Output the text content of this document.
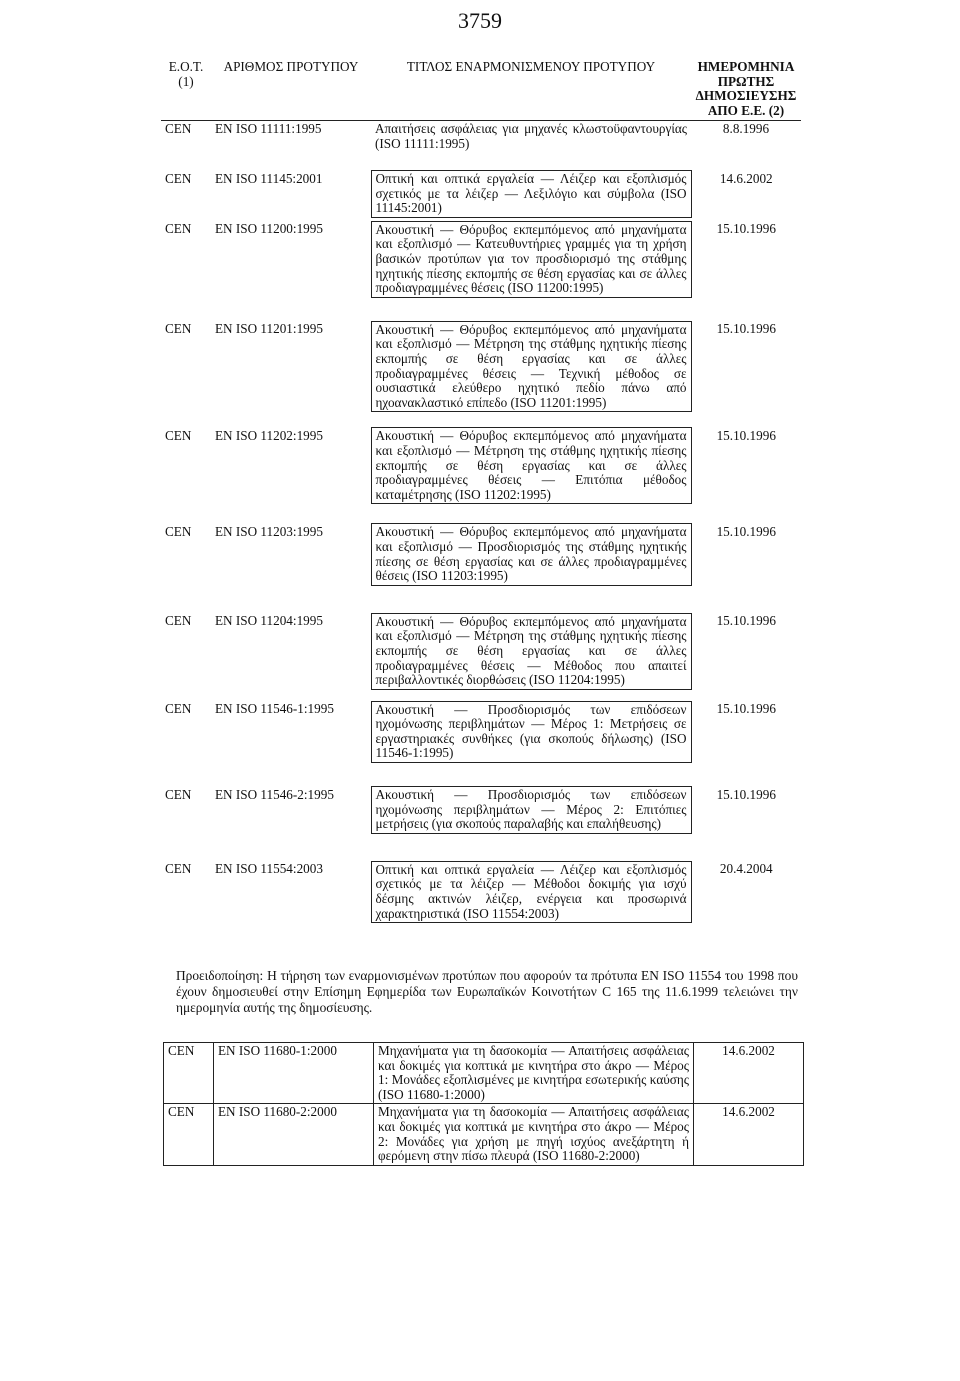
3759
Ε.Ο.Τ. (1)	ΑΡΙΘΜΟΣ ΠΡΟΤΥΠΟΥ	ΤΙΤΛΟΣ ΕΝΑΡΜΟΝΙΣΜΕΝΟΥ ΠΡΟΤΥΠΟΥ	ΗΜΕΡΟΜΗΝΙΑ ΠΡΩΤΗΣ ΔΗΜΟΣΙΕΥΣΗΣ ΑΠΟ Ε.Ε. (2)
CEN	EN ISO 11111:1995	Απαιτήσεις ασφάλειας για μηχανές κλωστοϋφαντουργίας (ISO 11111:1995)	8.8.1996

CEN	EN ISO 11145:2001	Οπτική και οπτικά εργαλεία — Λέιζερ και εξοπλισμός σχετικός με τα λέιζερ — Λεξιλόγιο και σύμβολα (ISO 11145:2001)	14.6.2002

CEN	EN ISO 11200:1995	Ακουστική — Θόρυβος εκπεμπόμενος από μηχανήματα και εξοπλισμό — Κατευθυντήριες γραμμές για τη χρήση βασικών προτύπων για τον προσδιορισμό της στάθμης ηχητικής πίεσης εκπομπής σε θέση εργασίας και σε άλλες προδιαγραμμένες θέσεις (ISO 11200:1995)	15.10.1996

CEN	EN ISO 11201:1995	Ακουστική — Θόρυβος εκπεμπόμενος από μηχανήματα και εξοπλισμό — Μέτρηση της στάθμης ηχητικής πίεσης εκπομπής σε θέση εργασίας και σε άλλες προδιαγραμμένες θέσεις — Τεχνική μέθοδος σε ουσιαστικά ελεύθερο ηχητικό πεδίο πάνω από ηχοανακλαστικό επίπεδο (ISO 11201:1995)	15.10.1996

CEN	EN ISO 11202:1995	Ακουστική — Θόρυβος εκπεμπόμενος από μηχανήματα και εξοπλισμό — Μέτρηση της στάθμης ηχητικής πίεσης εκπομπής σε θέση εργασίας και σε άλλες προδιαγραμμένες θέσεις — Επιτόπια μέθοδος καταμέτρησης (ISO 11202:1995)	15.10.1996

CEN	EN ISO 11203:1995	Ακουστική — Θόρυβος εκπεμπόμενος από μηχανήματα και εξοπλισμό — Προσδιορισμός της στάθμης ηχητικής πίεσης σε θέση εργασίας και σε άλλες προδιαγραμμένες θέσεις (ISO 11203:1995)	15.10.1996

CEN	EN ISO 11204:1995	Ακουστική — Θόρυβος εκπεμπόμενος από μηχανήματα και εξοπλισμό — Μέτρηση της στάθμης ηχητικής πίεσης εκπομπής σε θέση εργασίας και σε άλλες προδιαγραμμένες θέσεις — Μέθοδος που απαιτεί περιβαλλοντικές διορθώσεις (ISO 11204:1995)	15.10.1996

CEN	EN ISO 11546-1:1995	Ακουστική — Προσδιορισμός των επιδόσεων ηχομόνωσης περιβλημάτων — Μέρος 1: Μετρήσεις σε εργαστηριακές συνθήκες (για σκοπούς δήλωσης) (ISO 11546-1:1995)	15.10.1996

CEN	EN ISO 11546-2:1995	Ακουστική — Προσδιορισμός των επιδόσεων ηχομόνωσης περιβλημάτων — Μέρος 2: Επιτόπιες μετρήσεις (για σκοπούς παραλαβής και επαλήθευσης)	15.10.1996

CEN	EN ISO 11554:2003	Οπτική και οπτικά εργαλεία — Λέιζερ και εξοπλισμός σχετικός με τα λέιζερ — Μέθοδοι δοκιμής για ισχύ δέσμης ακτινών λέιζερ, ενέργεια και προσωρινά χαρακτηριστικά (ISO 11554:2003)	20.4.2004
Προειδοποίηση: Η τήρηση των εναρμονισμένων προτύπων που αφορούν τα πρότυπα EN ISO 11554 του 1998 που έχουν δημοσιευθεί στην Επίσημη Εφημερίδα των Ευρωπαϊκών Κοινοτήτων C 165 της 11.6.1999 τελειώνει την ημερομηνία αυτής της δημοσίευσης.
CEN	EN ISO 11680-1:2000	Μηχανήματα για τη δασοκομία — Απαιτήσεις ασφάλειας και δοκιμές για κοπτικά με κινητήρα στο άκρο — Μέρος 1: Μονάδες εξοπλισμένες με κινητήρα εσωτερικής καύσης (ISO 11680-1:2000)	14.6.2002
CEN	EN ISO 11680-2:2000	Μηχανήματα για τη δασοκομία — Απαιτήσεις ασφάλειας και δοκιμές για κοπτικά με κινητήρα στο άκρο — Μέρος 2: Μονάδες για χρήση με πηγή ισχύος ανεξάρτητη ή φερόμενη στην πίσω πλευρά (ISO 11680-2:2000)	14.6.2002
